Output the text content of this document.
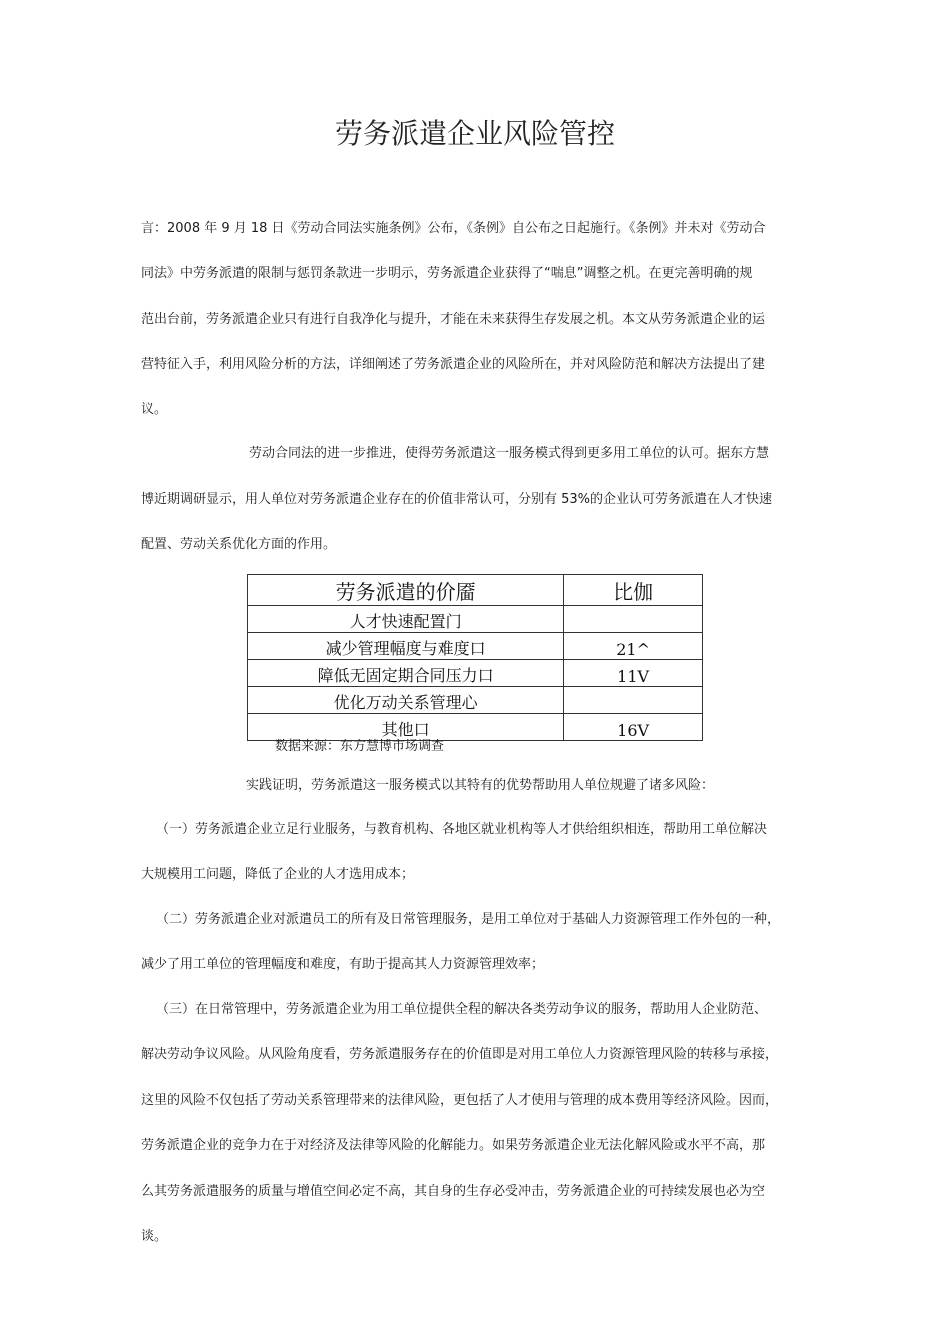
劳务派遣企业风险管控
言：2008 年 9 月 18 日《劳动合同法实施条例》公布，《条例》自公布之日起施行。《条例》并未对《劳动合
同法》中劳务派遣的限制与惩罚条款进一步明示，劳务派遣企业获得了“喘息”调整之机。在更完善明确的规
范出台前，劳务派遣企业只有进行自我净化与提升，才能在未来获得生存发展之机。本文从劳务派遣企业的运
营特征入手，利用风险分析的方法，详细阐述了劳务派遣企业的风险所在，并对风险防范和解决方法提出了建
议。
劳动合同法的进一步推进，使得劳务派遣这一服务模式得到更多用工单位的认可。据东方慧
博近期调研显示，用人单位对劳务派遣企业存在的价值非常认可，分别有 53%的企业认可劳务派遣在人才快速
配置、劳动关系优化方面的作用。
劳务派遣的价靥	比伽
人才快速配置门	
减少管理幅度与难度口	21^
障低无固定期合同压力口	11V
优化万动关系管理心	
其他口	16V
数据来源：东方慧博市场调查
实践证明，劳务派遣这一服务模式以其特有的优势帮助用人单位规避了诸多风险：
（一）劳务派遣企业立足行业服务，与教育机构、各地区就业机构等人才供给组织相连，帮助用工单位解决
大规模用工问题，降低了企业的人才选用成本；
（二）劳务派遣企业对派遣员工的所有及日常管理服务，是用工单位对于基础人力资源管理工作外包的一种，
减少了用工单位的管理幅度和难度，有助于提高其人力资源管理效率；
（三）在日常管理中，劳务派遣企业为用工单位提供全程的解决各类劳动争议的服务，帮助用人企业防范、
解决劳动争议风险。从风险角度看，劳务派遣服务存在的价值即是对用工单位人力资源管理风险的转移与承接，
这里的风险不仅包括了劳动关系管理带来的法律风险，更包括了人才使用与管理的成本费用等经济风险。因而，
劳务派遣企业的竞争力在于对经济及法律等风险的化解能力。如果劳务派遣企业无法化解风险或水平不高，那
么其劳务派遣服务的质量与增值空间必定不高，其自身的生存必受冲击，劳务派遣企业的可持续发展也必为空
谈。
